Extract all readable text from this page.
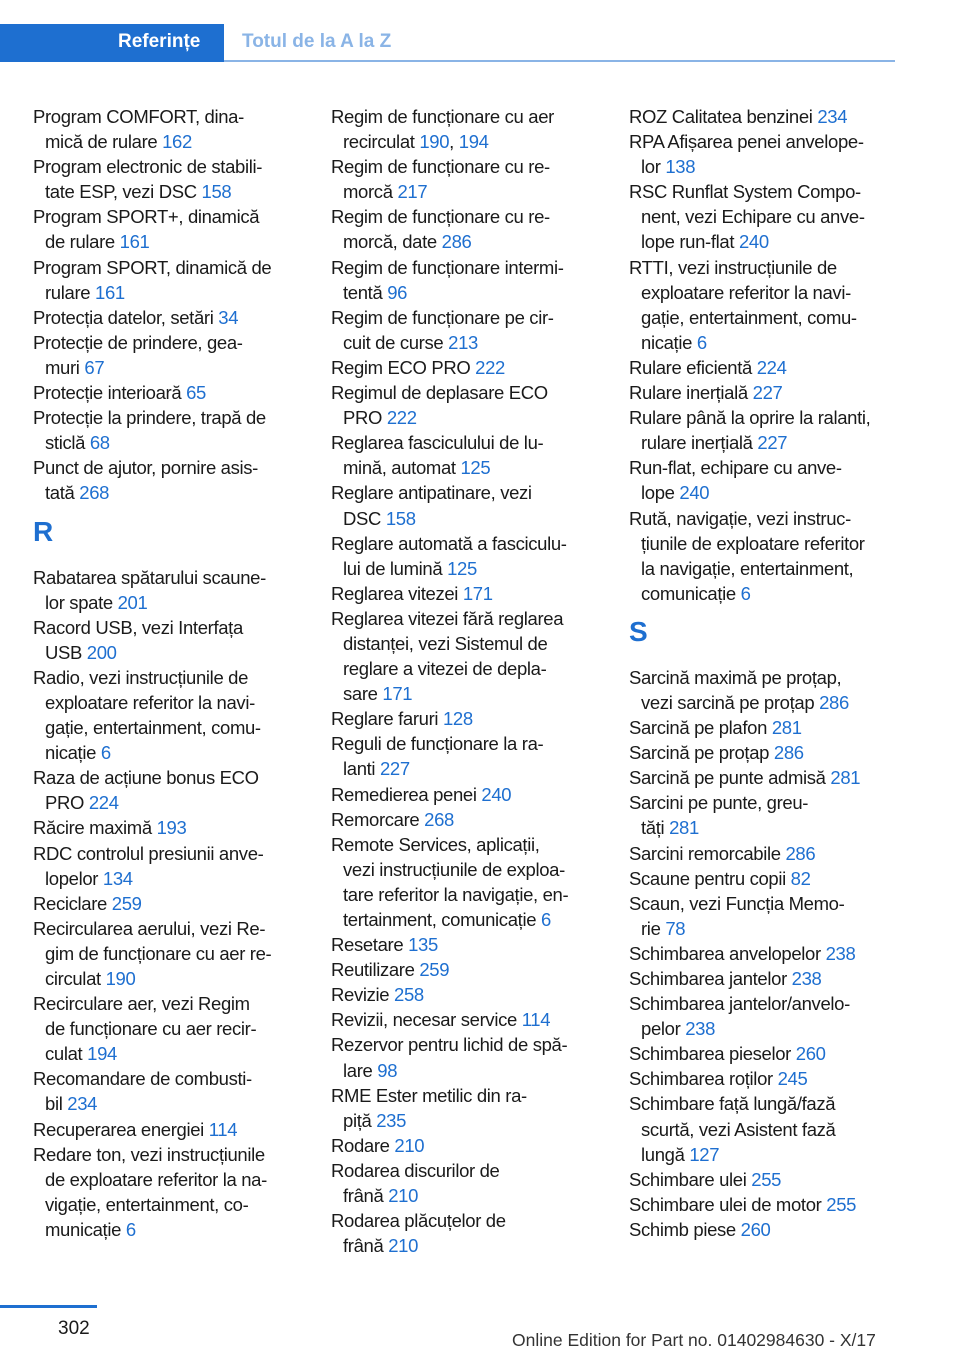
Referințe	Totul de la A la Z
Program COMFORT, dina‐
mică de rulare 162
Program electronic de stabili‐
tate ESP, vezi DSC 158
Program SPORT+, dinamică
de rulare 161
Program SPORT, dinamică de
rulare 161
Protecția datelor, setări 34
Protecție de prindere, gea‐
muri 67
Protecție interioară 65
Protecție la prindere, trapă de
sticlă 68
Punct de ajutor, pornire asis‐
tată 268
R
Rabatarea spătarului scaune‐
lor spate 201
Racord USB, vezi Interfața
USB 200
Radio, vezi instrucțiunile de
exploatare referitor la navi‐
gație, entertainment, comu‐
nicație 6
Raza de acțiune bonus ECO
PRO 224
Răcire maximă 193
RDC controlul presiunii anve‐
lopelor 134
Reciclare 259
Recircularea aerului, vezi Re‐
gim de funcționare cu aer re‐
circulat 190
Recirculare aer, vezi Regim
de funcționare cu aer recir‐
culat 194
Recomandare de combusti‐
bil 234
Recuperarea energiei 114
Redare ton, vezi instrucțiunile
de exploatare referitor la na‐
vigație, entertainment, co‐
municație 6
Regim de funcționare cu aer
recirculat 190, 194
Regim de funcționare cu re‐
morcă 217
Regim de funcționare cu re‐
morcă, date 286
Regim de funcționare intermi‐
tentă 96
Regim de funcționare pe cir‐
cuit de curse 213
Regim ECO PRO 222
Regimul de deplasare ECO
PRO 222
Reglarea fasciculului de lu‐
mină, automat 125
Reglare antipatinare, vezi
DSC 158
Reglare automată a fasciculu‐
lui de lumină 125
Reglarea vitezei 171
Reglarea vitezei fără reglarea
distanței, vezi Sistemul de
reglare a vitezei de depla‐
sare 171
Reglare faruri 128
Reguli de funcționare la ra‐
lanti 227
Remedierea penei 240
Remorcare 268
Remote Services, aplicații,
vezi instrucțiunile de exploa‐
tare referitor la navigație, en‐
tertainment, comunicație 6
Resetare 135
Reutilizare 259
Revizie 258
Revizii, necesar service 114
Rezervor pentru lichid de spă‐
lare 98
RME Ester metilic din ra‐
piță 235
Rodare 210
Rodarea discurilor de
frână 210
Rodarea plăcuțelor de
frână 210
ROZ Calitatea benzinei 234
RPA Afișarea penei anvelope‐
lor 138
RSC Runflat System Compo‐
nent, vezi Echipare cu anve‐
lope run-flat 240
RTTI, vezi instrucțiunile de
exploatare referitor la navi‐
gație, entertainment, comu‐
nicație 6
Rulare eficientă 224
Rulare inerțială 227
Rulare până la oprire la ralanti,
rulare inerțială 227
Run-flat, echipare cu anve‐
lope 240
Rută, navigație, vezi instruc‐
țiunile de exploatare referitor
la navigație, entertainment,
comunicație 6
S
Sarcină maximă pe proțap,
vezi sarcină pe proțap 286
Sarcină pe plafon 281
Sarcină pe proțap 286
Sarcină pe punte admisă 281
Sarcini pe punte, greu‐
tăți 281
Sarcini remorcabile 286
Scaune pentru copii 82
Scaun, vezi Funcția Memo‐
rie 78
Schimbarea anvelopelor 238
Schimbarea jantelor 238
Schimbarea jantelor/anvelo‐
pelor 238
Schimbarea pieselor 260
Schimbarea roților 245
Schimbare față lungă/fază
scurtă, vezi Asistent fază
lungă 127
Schimbare ulei 255
Schimbare ulei de motor 255
Schimb piese 260
302
Online Edition for Part no. 01402984630 - X/17
